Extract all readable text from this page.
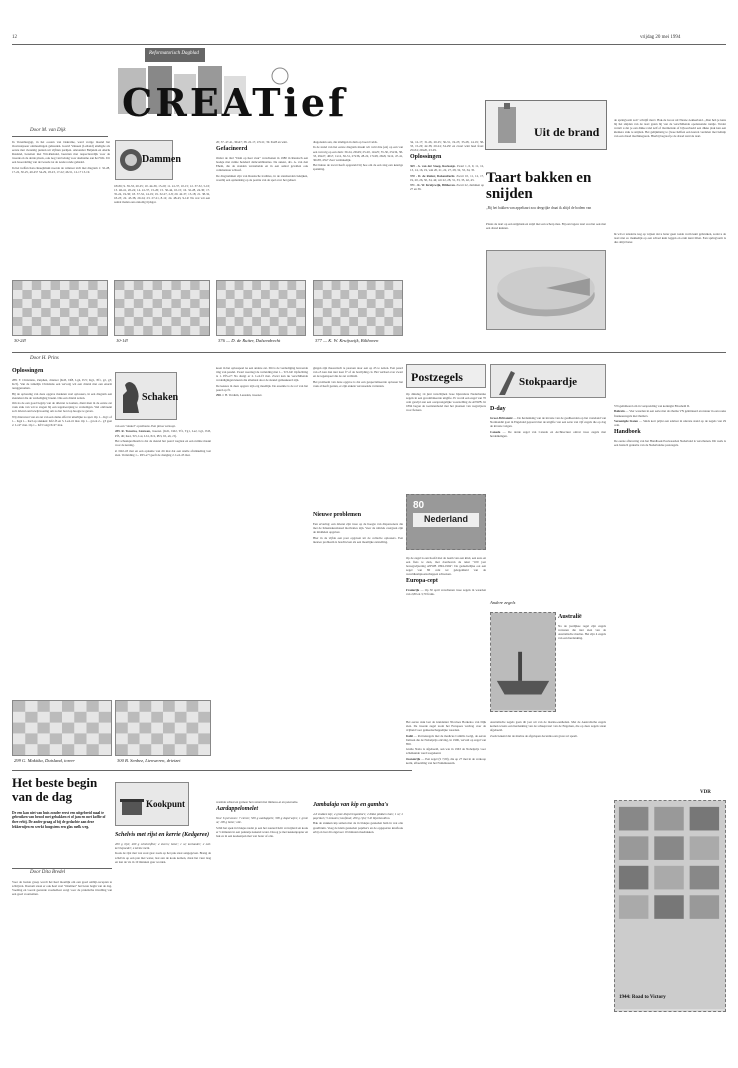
12	vrijdag 20 mei 1994
Reformatorisch Dagblad
CREATief
Uit de brand
Taart bakken en snijden
„Bij het bakken van appeltaart zou deegrijke draai ik altijd de bodem van

de springvorm zon" schrijft mevr. Hak-de Groot uit Nieuw-Lekkerland. „Dan heb je kans bij het snijden van de taart gaten bij van de verschillende openstaande randje. Verder vertelt u dat je een dikke rand zelf of marmelade of bijvoorbeeld een dikke plak kan een kleinere stuk te snijden. Het gelijkmatig te (twee helften een karren verdelen met behulp van een draad machinegaren. Hierbij begraaf je de draad rond de taart.

Door M. van Dijk

In Vorenburgsgt, in het oosten van Oekraïne, werd vorige maand het Oostwurpseer ontmoetingen gehouden. Gastvi Valueen (Letland) eindigde als eerste met vierentig punten uit vijftien partijen. Alexander Baljakin en Alerik Rusland, bezetten met Wit-Rusland, bezetten met respectievelijk voor de tweede en de derde plaats, ook nog van belang voor deelname aan het WK. Uit een beoordeling van de tweede tot de zesde ronde gehaald.

In het treffen Kato Reeejimski noorde de winnaar zich met diagram 1: 32-28, 17-22, 30-25, 40-45? 34-29, 18-23, 17-22; 46-51, 12-17 13-19.

30-24!
Dammen

18x36; 9. 39-33, 20-25; 10. 44-39, 15-20; 11. 41-37, 10-15; 12. 37-32, 5-10; 13. 46-41, 20-24; 14. 41-37, 15-20; 15. 50-44, 10-15; 16. 32-28, 24-30; 17. 35-24, 19-30; 18. 37-32, 14-19; 19. 32-27, 2-8; 20. 42-37, 13-18; 21. 38-32, 18-23; 22. 43-38, 20-24; 23. 27-21, 8-12; 24. 48-43, 9-14! Na wat wit een aantal malen een onnodig tijdsgat.

10-14!

20; 37. 47-41, 36x47; 38. 22-17, 47x11; 39. 6x28 en wint.

Gefacineerd

Onder de titel "Dam op heet vuur" verschenen in 1980 in Russisch een boekje met ruime honderd damcombinaties. De auteur, drs. A. van den Ehem, die de standen verzamelde en in een aantal gevallen ook commentaar schreef.

De diagrammen zijn van Russische tradities, in de standaarden bekijken, waarbij een opmerking op de positie van de spel over het geheel.

diagonalen aan, die zindigen in dam op boord velds.

In de stand van het eerste diagram maakt wit veld drie (en) op een van een vervolg op een dam: 30-24, 20x29; 25-20, 14x25; 35-30, 25x34, 38-33, 29x27, 40x7, 1x12, 36-31, 27x36, 28-22, 17x28, 26x8, 3x12, 47-41, 36x38, 43x7 Zeer vermakelijk.

Het huisie de zwart heeft opgesteld bij hoe om de een slag een keurige spanning.

376 — D. de Ruiter, Dalsendrecht	377 — K. W. Kruijswijk, Bilthoven

34, 12-17; 31-26, 20-25; 36-31, 19-23; 33-28, 14-19; 38-33, 15-20; 42-38, 20-24; 34-29! en zwart wint heel fraai: 25x34; 29x20, 23-29.

Oplossingen

369 - A. van der Stoep, Rockanje. Zwart 1, 6, 9, 11, 12, 13, 14, 16, 19, win 20, 21, 22, 27, 28, 32, 33, 34, 35.

370 - D. de Ruiter, Dalsendrecht. Zwart 10, 11, 12, 17, 19, 20, 26, 30, 34, 44; wit 22, 28, 31, 33, 35, 42, 43.

371 - K. W. Kruijswijk, Bilthoven. Zwart 22, dammen op 27 en 36.

Plaats de taart op een snijplank en snijd met een scherp mes. Bij een lagere taart zou het ook met een draad kunnen.

Ik wil er tenslotte nog op wijzen dat u beter geen ronde vorm kunt gebruiken, zodat u de taart niet zo makkelijk op een schaal kunt leggen en eruit kunt tillen. Een springvorm is dus altijd beter.

Door H. Prins
Oplossingen

288. F. Christians, Zutphen, drietzet (Kd3, Df8, Lg4, Pc5; Kg1, Pf1, g2, g3; Kc5). Van de tamelijk Christians een vervolg wit een drietal met een enorm teruggenomen.

Bij de oplossing van deze opgave maakten veel oplossers, in een diagram een sleutelzet die de verdediging breekt. Ons een drietal zetten.

Om na de een goed begrip van de drietzet te komen, dient men in de eerste zet vaak stuk van wit te stagen bij een tegenwerping te verdedigen. Wel ontbreekt zo'n drietal een bewijsvoering om zo het bord op hoogte te geven.

Wij drieverzet van en zet van een dame offer in uiterlijke zo spel. Op 1... Kg1 of 1... Kg4 1... Ke3 op stukken: Kf2-f3 en 3. Le4-d1 mat. Op 1... g4 en 2... g3 gaat 2. Lc4+ mat. Op 1... Kf3 volgt Pc4+ mat.

299 G. Makiika, Duisland, toren-
Schaken

van een "sleutel" oprolbeuw. Een pittoa verloopt.

289. R. Toxorna, Lieuwen, tweezet. (Kd1, Dd2, Tf1, Tg1, Le2, Lg1, Pd3, Pf5, d6; Ke4, Tc5, Lai, Lb1, Pc2, Pb3, b5, e6, c5).

Het schaakprobleem is dat de sleutel het paard weglaat en een ruimte maakt voor de koning.

2. Dd2-d3 mat en een opname van dit mat dat een snelle afwikkeling laat zien. Verleiding 1... Pd5-e7! geeft de dreiging 2. Le2-d3 mat.

300 B. Senbez, Lienweren, drietzet

koen in het oplosspeel na een andere zet. Dit is de verdediging bewaarde ring van paadel. Zwart weerlegt de verleiding met 1... Tc5-b4! Opfachting is 1. Pf5-e7! Na dreigt er 2. Le2-f3 mat. Zwart kan nu verschillende verdedigingen kiezen die allemaal door de sleutel gemaskeerd zijn.

De keuzes in deze opgave zijn erg moeilijk. De essentie is de rol van het paard op f5.

290. J. H. Verduin, Leusden, tweezet.

gingen zijn theoretisch te paarsen door een op d5 te zetten. Een paard van e5 kan dan niet naar f7 of de bevrijding c4. Het verhaal over zwart en de tegenspeel die de zet verbindt.

Het probleem van deze opgave is dat een gespecialiseerde oplosser het vaak al heeft gezien, er zijn enkele verrassende varianten.

Postzegels

Op dinsdag 14 juni verschijnen twee bijzondere Nederlandse zegels in een gecombineerde uitgifte. Er wordt een zegel van 70 cent gewijd aan een oorsprongelijke voorstelling de ANWB. In 1894 begon de toeristenbond met het plaatsen van wegwijzers voor fietsers.

Nederland
80

Op de zegel is een hoofd met de naam van een kind, een auto en een fiets te zien, met daarboven de tekst "100 jaar bewegwijzering ANWB 1894-1994". De gedeeltelijke ooi een zegel van 80 cent ter gelegenheid van de wereldkampioenschappen schaatsen.

Europa-cept

Frankrijk — Op 30 april verschenen twee zegels in waarden van 2,80 en 3,70 frank.

Nieuwe problemen

Een ervaring: een driezet zijn twee op de hoogte van dispersoners die met de lidsensaksalsteed motivaties zijn. Voor de rubriek overgaan zijn de middelen opgelost.

Hier in de vijfde een paar opgaven uit de collectie oplossers. Een nieuwe probleem is beschreven als een moeilijke zetstelling.

Stokpaardje
D-day

Groot-Brittannië — De herdenking van de invasie van de geallieerden op het vasteland van Normandië gaat in Engeland gepaard met de uitgifte van een serie van vijf zegels die op dag de invasie volgen.

Canada — De derde zegel van Canada en Architectuur omvat twee zegels met herdenkingen.

Australië

Na de jaarlijkse regel zijn zegels vertonen die niet zien van de Australische marine. Het zijn 4 zegels van een herdenking.

Andere zegels

VN-geïnitieerd om in verspreiding van koningin Elisabeth II.

Bahrein — Vier waarden in een serie met als thema VN geïnitieerd en natuur in een reeks frankeerzegels met thema's.

Vereenigde Staten — Sinds kort prijkt een adelaar in uiterste stand op de zegels van 29 cent.

Handboek

De eerste aflevering van het Handboek Postwaarden Nederland is verschenen. Dit werk is een basisch gedeelte van de Nederlandse postzegels.

VDR
1944: Road to Victory
Het beste begin van de dag
De een kan niet van huis zonder eerst een uitgebreid maal te gebruiken van brood met gebakken ei of jam en met koffie of thee erbij. De ander graag al bij de gedachte aan deze lekkernijen en werkt hoogstens een glas melk weg.
Door Dita Bredel

Voor de laatste groep wordt het heel moeilijk om een goed ontbijt-recepten te schrijven. Daarom staan er ook heel veel "Oneliner" het beste begin van de dag. Voeding en vooral gezonde voedselleer zorgt voor de praktische invulling van een goed voornemen.

Kookpunt
Schelvis met rijst en kerrie (Kedgeree)

200 g rijst; 400 g schelvisfilet; 4 eieren; boter; 1 ui; koriander; 2 eetl. kerriepoeder; 4 kleine melk.

Kook de rijst met wat zout gaar zoals op het pak staat aangegeven. Breng de schelvis op een pan met water, laat aan de kook komen, draai het vuur laag en laat de vis in 10 minuten gaar worden.

warmde schaal en garneer het restant met mimosa-ei en peterselie.

Aardappelomelet

Voor 6 personen: 7 eieren; 500 g aardappels; 300 g doperwtjes; 1 grote ui; 100 g boter; olie.

Schil het spek in blokjes nadat je een het zouterd hebt verwijderd en kook er 5 minuten in een pannetje kokend water. Droog je met keukenpapier en bak ze in een koekenpan met wat boter of olie.

Jambalaja van kip en gamba's

4-6 stukken kip; 4 grote diepvriesgamba's; 2 dikke plakken ham; 1 ui; 2 paprika's; 5 tomaten; knoflook; 200 g rijst; 5 dl bijenbouillon.

Bak de stukken kip samen met de in blokjes gesneden ham in wat olie goudbruin. Voeg de klein gesneden paprika's en de opgeperste knoflook erbij en laat dit ongeveer 10 minuten meebakken.

Het eerste stuk laat de kruidenier Nicolaes Borkeloo van Dijk zien. De tweede zegel toont het Europees verdrag over de vrijheid voor gemeenschappelijke waarden.

Italië — Portretzegels met de medicus Camillo Golgi, de eerste Italiaan die de Nobelprijs ontving, in 1906, vervult op zegel van 850.

Giulio Natta is afgebeeld, aan wie in 1963 de Nobelprijs voor scheikunde werd toegekend.

Oostenrijk — Een zegel (S 7,00), die op 27 mei in de verkoop komt, afbeelding van het Funkmuseum.

Australische zegels gaan dit jaar uit van de marine-eenheden. Met de Australische zegels komen tevens een herdenking van de scheepvaart van de Engelsen, die op deze zegels staan afgebeeld.

Zoals bekend dat de marine de afgelopen decennia een grote rol speelt.
